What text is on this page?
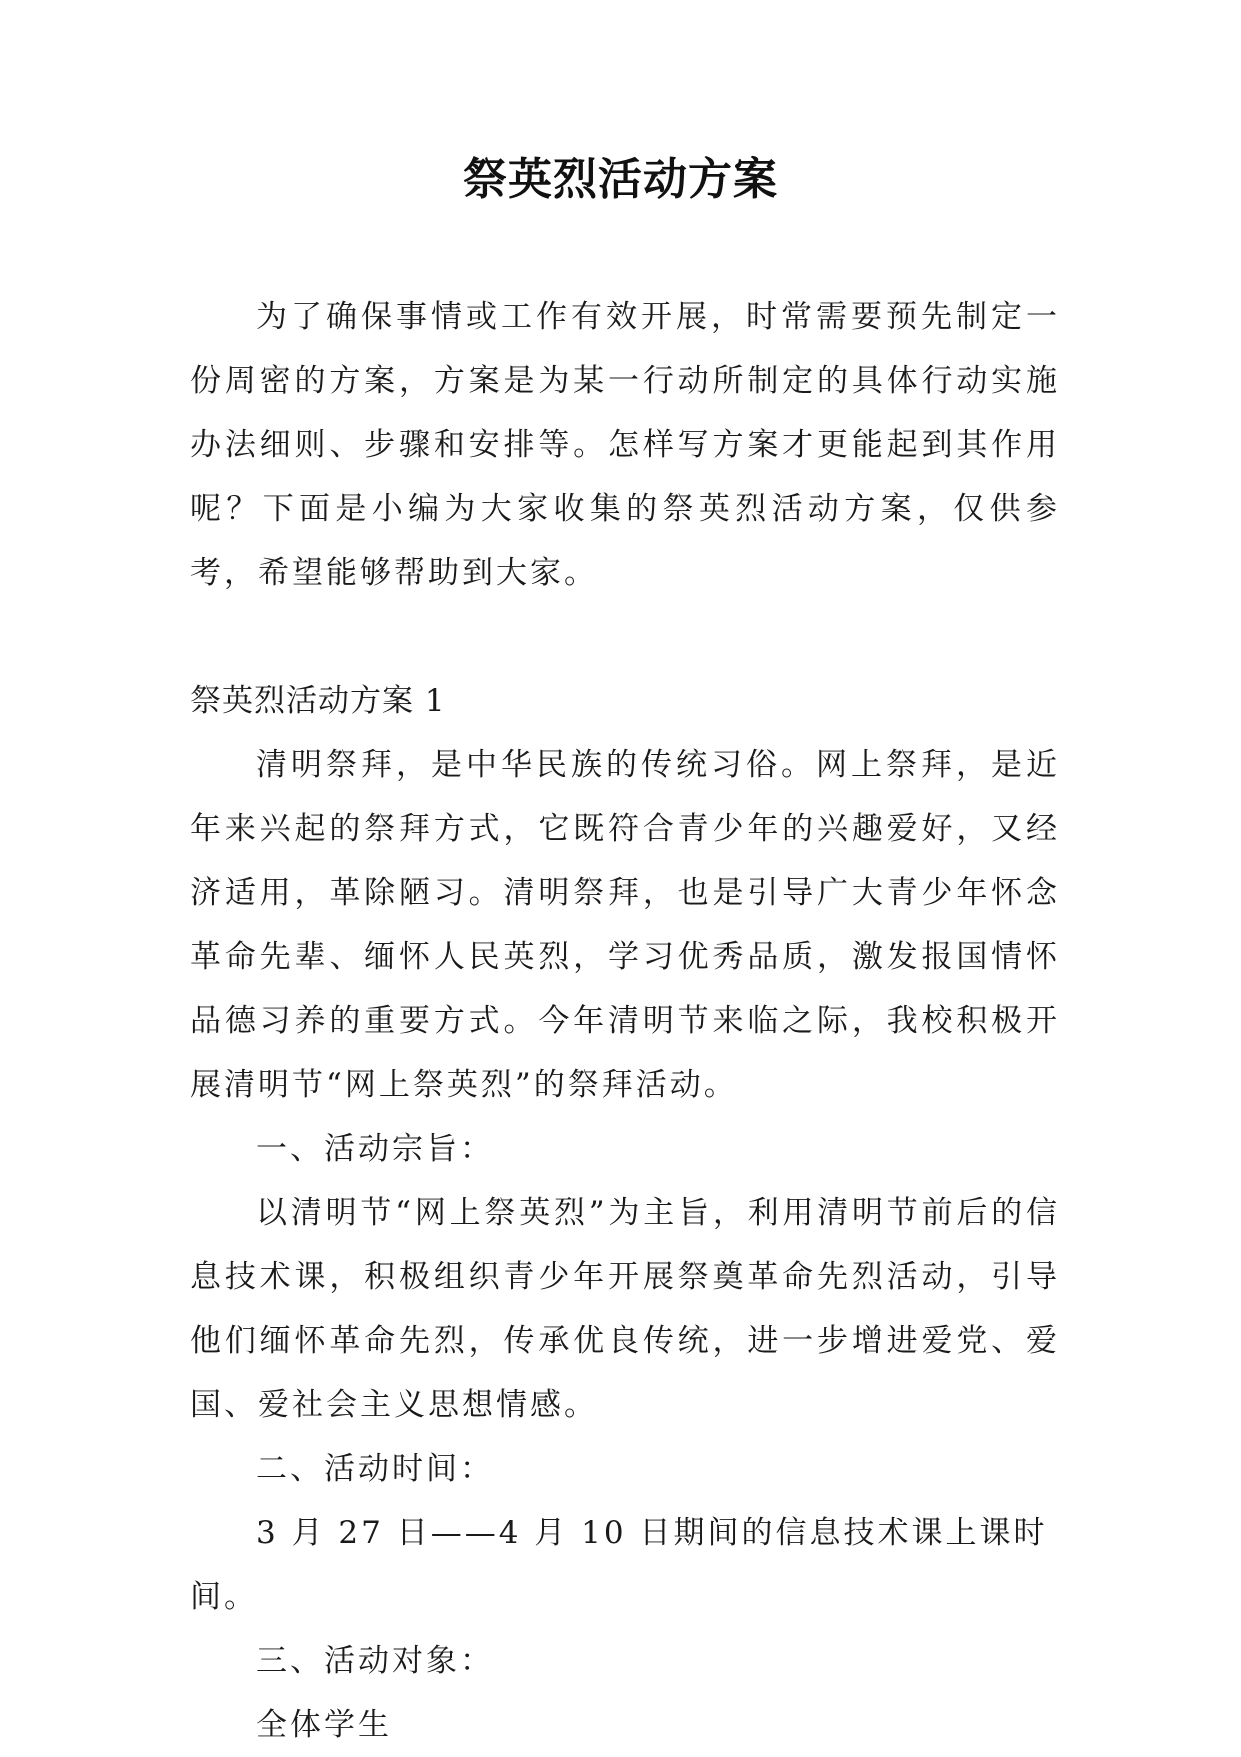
祭英烈活动方案

为了确保事情或工作有效开展，时常需要预先制定一份周密的方案，方案是为某一行动所制定的具体行动实施办法细则、步骤和安排等。怎样写方案才更能起到其作用呢？下面是小编为大家收集的祭英烈活动方案，仅供参考，希望能够帮助到大家。

祭英烈活动方案 1

清明祭拜，是中华民族的传统习俗。网上祭拜，是近年来兴起的祭拜方式，它既符合青少年的兴趣爱好，又经济适用，革除陋习。清明祭拜，也是引导广大青少年怀念革命先辈、缅怀人民英烈，学习优秀品质，激发报国情怀品德习养的重要方式。今年清明节来临之际，我校积极开展清明节“网上祭英烈”的祭拜活动。

一、活动宗旨：

以清明节“网上祭英烈”为主旨，利用清明节前后的信息技术课，积极组织青少年开展祭奠革命先烈活动，引导他们缅怀革命先烈，传承优良传统，进一步增进爱党、爱国、爱社会主义思想情感。

二、活动时间：

3 月 27 日——4 月 10 日期间的信息技术课上课时间。

三、活动对象：

全体学生
